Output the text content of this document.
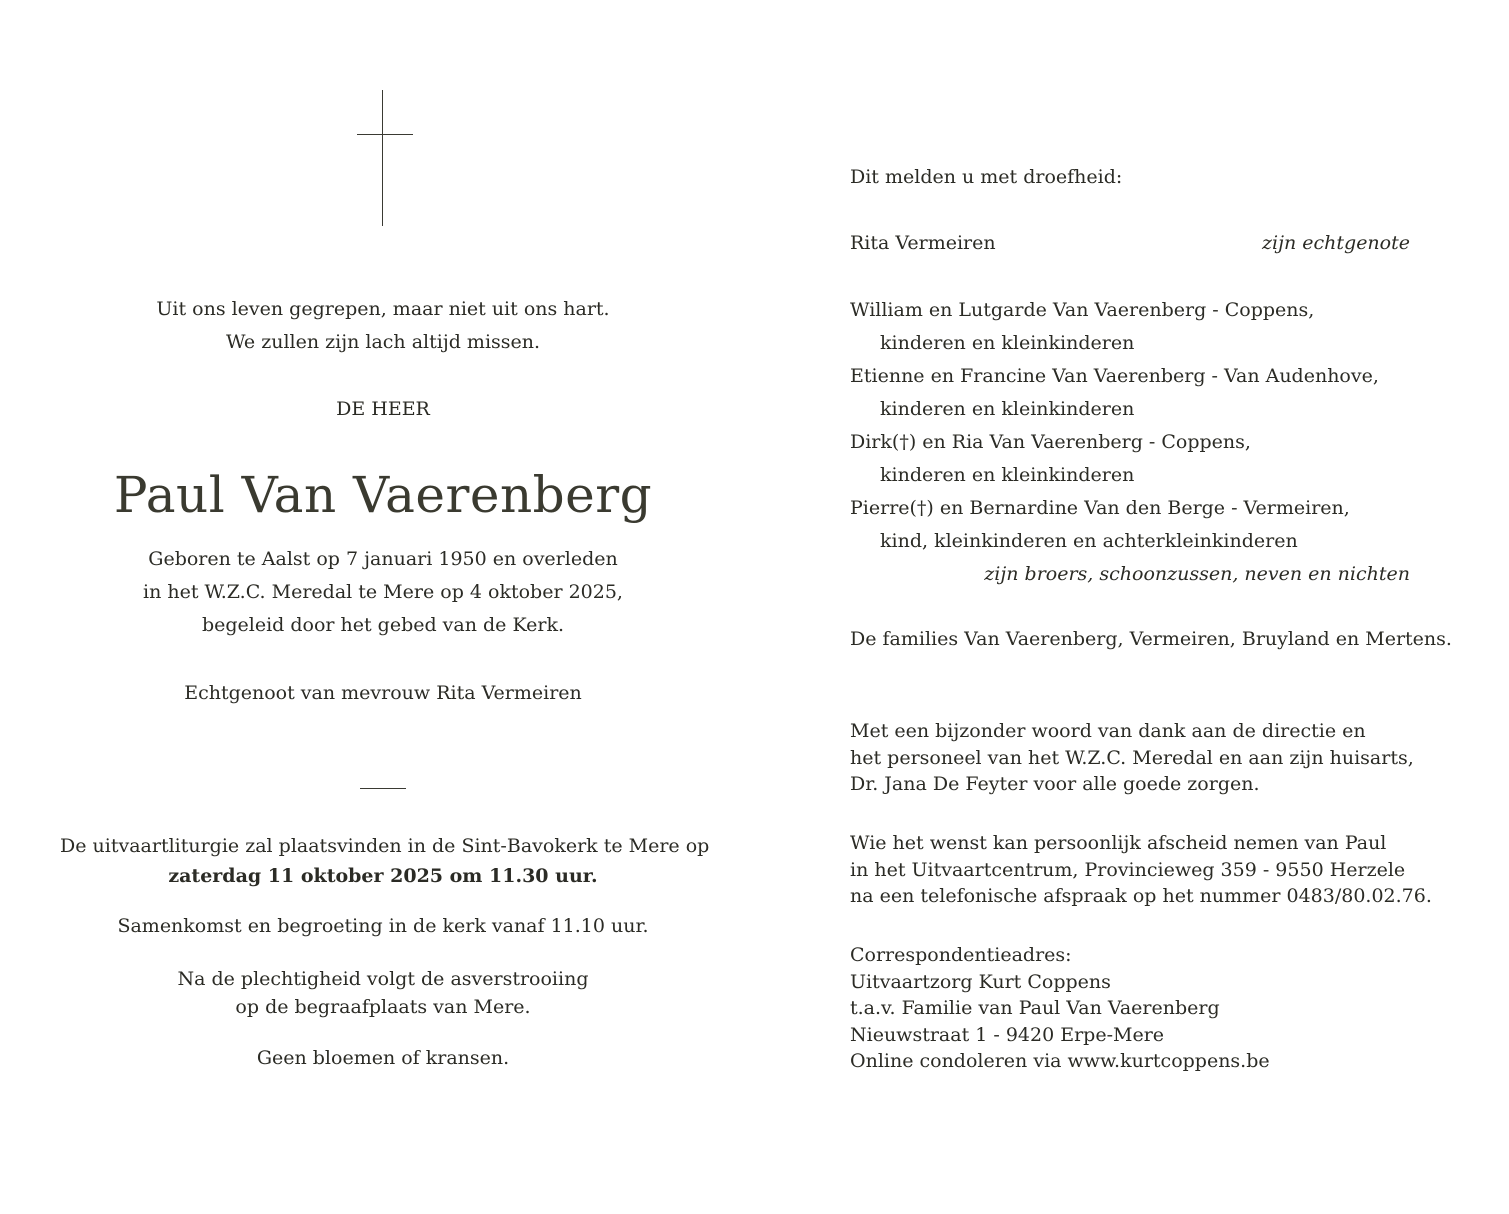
Uit ons leven gegrepen, maar niet uit ons hart.
We zullen zijn lach altijd missen.
DE HEER
Paul Van Vaerenberg
Geboren te Aalst op 7 januari 1950 en overleden
in het W.Z.C. Meredal te Mere op 4 oktober 2025,
begeleid door het gebed van de Kerk.
Echtgenoot van mevrouw Rita Vermeiren
De uitvaartliturgie zal plaatsvinden in de Sint-Bavokerk te Mere op
zaterdag 11 oktober 2025 om 11.30 uur.
Samenkomst en begroeting in de kerk vanaf 11.10 uur.
Na de plechtigheid volgt de asverstrooiing
op de begraafplaats van Mere.
Geen bloemen of kransen.
Dit melden u met droefheid:
Rita Vermeiren	zijn echtgenote
William en Lutgarde Van Vaerenberg - Coppens,
kinderen en kleinkinderen
Etienne en Francine Van Vaerenberg - Van Audenhove,
kinderen en kleinkinderen
Dirk(†) en Ria Van Vaerenberg - Coppens,
kinderen en kleinkinderen
Pierre(†) en Bernardine Van den Berge - Vermeiren,
kind, kleinkinderen en achterkleinkinderen
zijn broers, schoonzussen, neven en nichten
De families Van Vaerenberg, Vermeiren, Bruyland en Mertens.
Met een bijzonder woord van dank aan de directie en
het personeel van het W.Z.C. Meredal en aan zijn huisarts,
Dr. Jana De Feyter voor alle goede zorgen.
Wie het wenst kan persoonlijk afscheid nemen van Paul
in het Uitvaartcentrum, Provincieweg 359 - 9550 Herzele
na een telefonische afspraak op het nummer 0483/80.02.76.
Correspondentieadres:
Uitvaartzorg Kurt Coppens
t.a.v. Familie van Paul Van Vaerenberg
Nieuwstraat 1 - 9420 Erpe-Mere
Online condoleren via www.kurtcoppens.be
